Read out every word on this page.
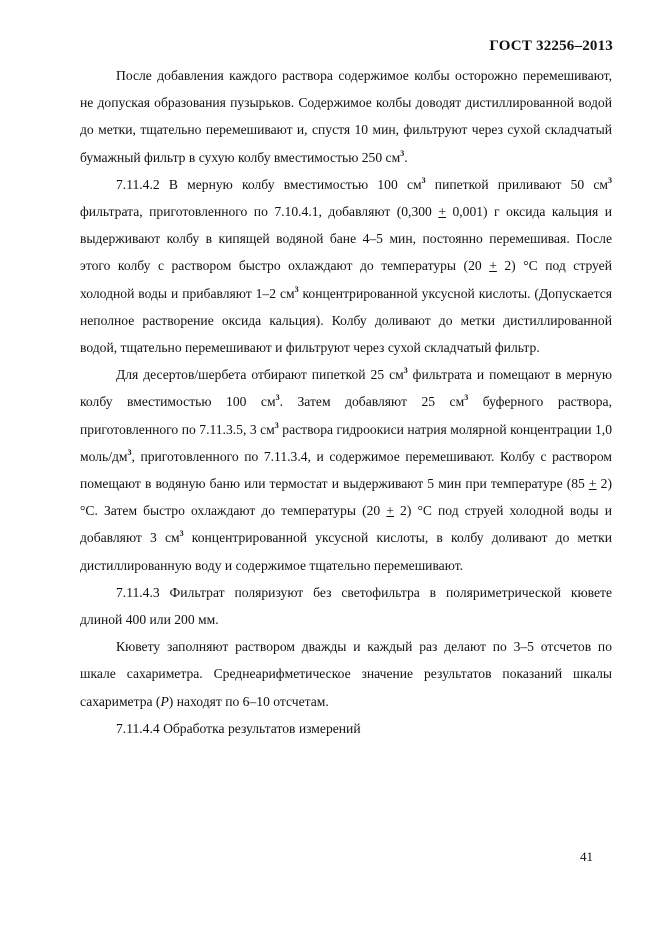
ГОСТ 32256–2013

После добавления каждого раствора содержимое колбы осторожно перемешивают, не допуская образования пузырьков. Содержимое колбы доводят дистиллированной водой до метки, тщательно перемешивают и, спустя 10 мин, фильтруют через сухой складчатый бумажный фильтр в сухую колбу вместимостью 250 $см^3$.

7.11.4.2 В мерную колбу вместимостью 100 $см^3$ пипеткой приливают 50 $см^3$ фильтрата, приготовленного по 7.10.4.1, добавляют (0,300 + 0,001) г оксида кальция и выдерживают колбу в кипящей водяной бане 4–5 мин, постоянно перемешивая. После этого колбу с раствором быстро охлаждают до температуры (20 + 2) °С под струей холодной воды и прибавляют 1–2 $см^3$ концентрированной уксусной кислоты. (Допускается неполное растворение оксида кальция). Колбу доливают до метки дистиллированной водой, тщательно перемешивают и фильтруют через сухой складчатый фильтр.

Для десертов/шербета отбирают пипеткой 25 $см^3$ фильтрата и помещают в мерную колбу вместимостью 100 $см^3$. Затем добавляют 25 $см^3$ буферного раствора, приготовленного по 7.11.3.5, 3 $см^3$ раствора гидроокиси натрия молярной концентрации 1,0 моль/$дм^3$, приготовленного по 7.11.3.4, и содержимое перемешивают. Колбу с раствором помещают в водяную баню или термостат и выдерживают 5 мин при температуре (85 + 2) °С. Затем быстро охлаждают до температуры (20 + 2) °С под струей холодной воды и добавляют 3 $см^3$ концентрированной уксусной кислоты, в колбу доливают до метки дистиллированную воду и содержимое тщательно перемешивают.

7.11.4.3 Фильтрат поляризуют без светофильтра в поляриметрической кювете длиной 400 или 200 мм.

Кювету заполняют раствором дважды и каждый раз делают по 3–5 отсчетов по шкале сахариметра. Среднеарифметическое значение результатов показаний шкалы сахариметра (Р) находят по 6–10 отсчетам.

7.11.4.4 Обработка результатов измерений

41
